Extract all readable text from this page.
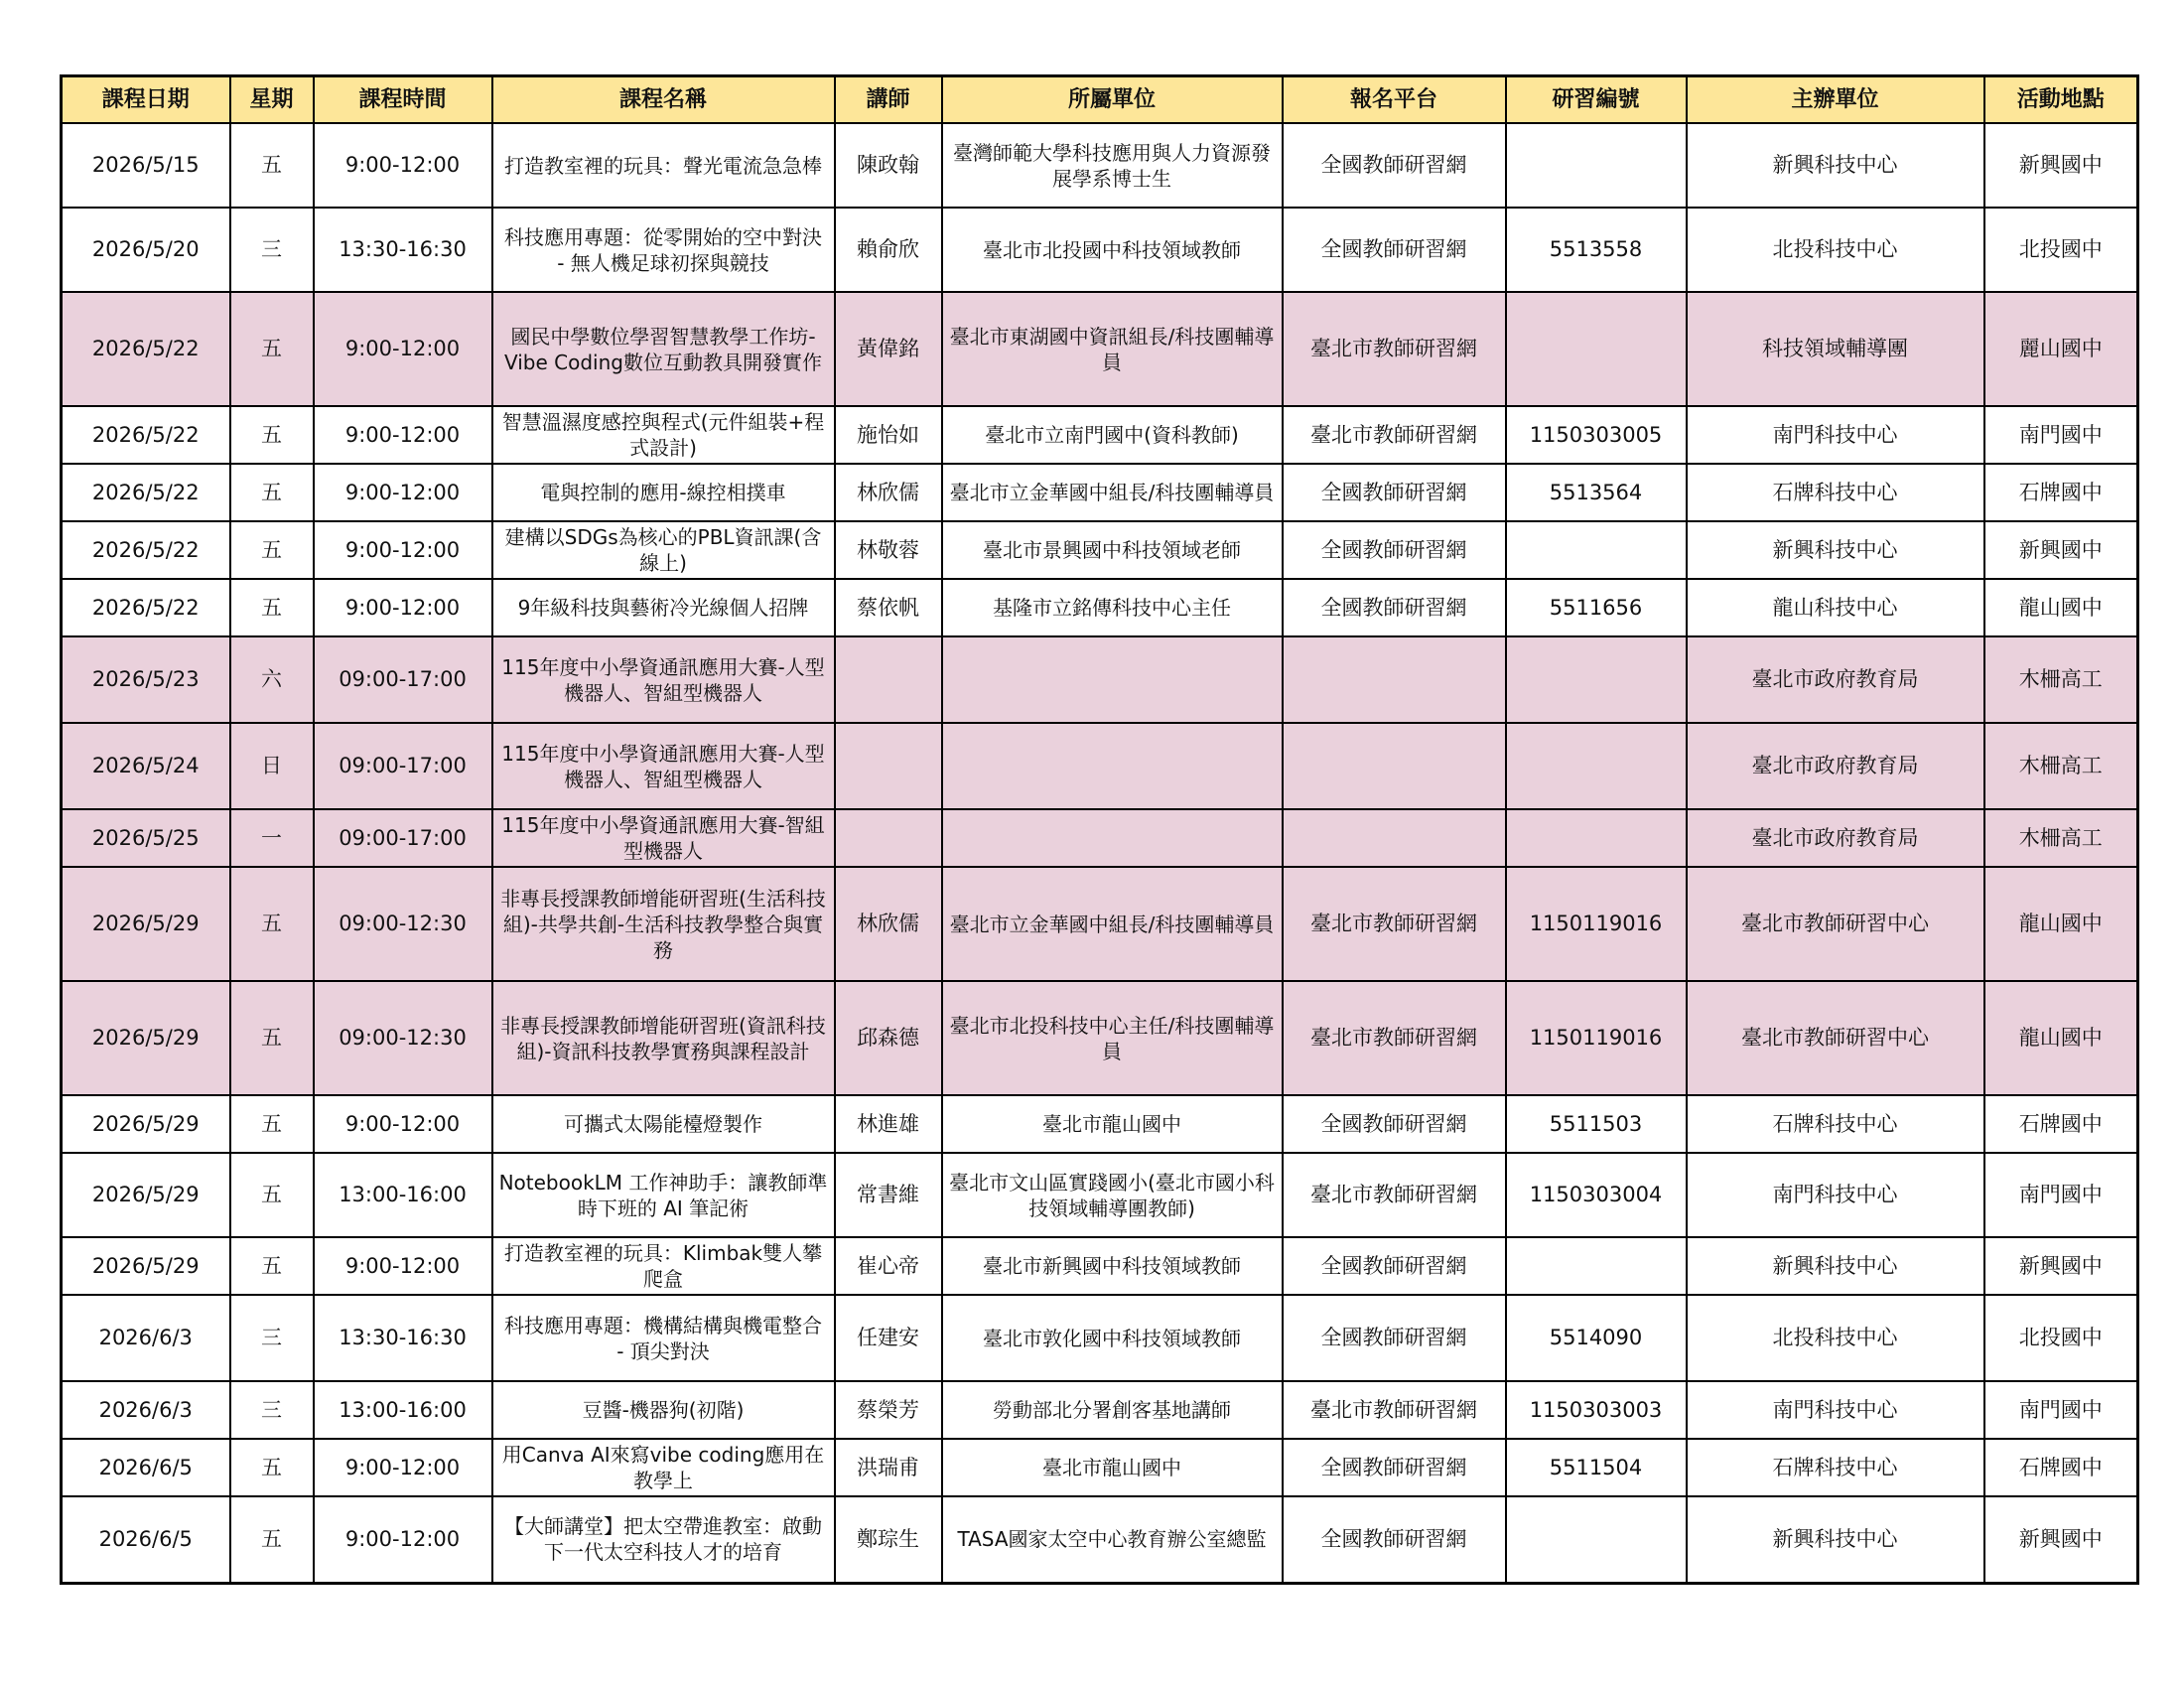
課程日期	星期	課程時間	課程名稱	講師	所屬單位	報名平台	研習編號	主辦單位	活動地點
2026/5/15	五	9:00-12:00	打造教室裡的玩具：聲光電流急急棒	陳政翰	臺灣師範大學科技應用與人力資源發展學系博士生	全國教師研習網		新興科技中心	新興國中
2026/5/20	三	13:30-16:30	科技應用專題：從零開始的空中對決 - 無人機足球初探與競技	賴俞欣	臺北市北投國中科技領域教師	全國教師研習網	5513558	北投科技中心	北投國中
2026/5/22	五	9:00-12:00	國民中學數位學習智慧教學工作坊-Vibe Coding數位互動教具開發實作	黃偉銘	臺北市東湖國中資訊組長/科技團輔導員	臺北市教師研習網		科技領域輔導團	麗山國中
2026/5/22	五	9:00-12:00	智慧溫濕度感控與程式(元件組裝+程式設計)	施怡如	臺北市立南門國中(資科教師)	臺北市教師研習網	1150303005	南門科技中心	南門國中
2026/5/22	五	9:00-12:00	電與控制的應用-線控相撲車	林欣儒	臺北市立金華國中組長/科技團輔導員	全國教師研習網	5513564	石牌科技中心	石牌國中
2026/5/22	五	9:00-12:00	建構以SDGs為核心的PBL資訊課(含線上)	林敬蓉	臺北市景興國中科技領域老師	全國教師研習網		新興科技中心	新興國中
2026/5/22	五	9:00-12:00	9年級科技與藝術冷光線個人招牌	蔡依帆	基隆市立銘傳科技中心主任	全國教師研習網	5511656	龍山科技中心	龍山國中
2026/5/23	六	09:00-17:00	115年度中小學資通訊應用大賽-人型機器人、智組型機器人					臺北市政府教育局	木柵高工
2026/5/24	日	09:00-17:00	115年度中小學資通訊應用大賽-人型機器人、智組型機器人					臺北市政府教育局	木柵高工
2026/5/25	一	09:00-17:00	115年度中小學資通訊應用大賽-智組型機器人					臺北市政府教育局	木柵高工
2026/5/29	五	09:00-12:30	非專長授課教師增能研習班(生活科技組)-共學共創-生活科技教學整合與實務	林欣儒	臺北市立金華國中組長/科技團輔導員	臺北市教師研習網	1150119016	臺北市教師研習中心	龍山國中
2026/5/29	五	09:00-12:30	非專長授課教師增能研習班(資訊科技組)-資訊科技教學實務與課程設計	邱森德	臺北市北投科技中心主任/科技團輔導員	臺北市教師研習網	1150119016	臺北市教師研習中心	龍山國中
2026/5/29	五	9:00-12:00	可攜式太陽能檯燈製作	林進雄	臺北市龍山國中	全國教師研習網	5511503	石牌科技中心	石牌國中
2026/5/29	五	13:00-16:00	NotebookLM 工作神助手：讓教師準時下班的 AI 筆記術	常書維	臺北市文山區實踐國小(臺北市國小科技領域輔導團教師)	臺北市教師研習網	1150303004	南門科技中心	南門國中
2026/5/29	五	9:00-12:00	打造教室裡的玩具：Klimbak雙人攀爬盒	崔心帝	臺北市新興國中科技領域教師	全國教師研習網		新興科技中心	新興國中
2026/6/3	三	13:30-16:30	科技應用專題：機構結構與機電整合 - 頂尖對決	任建安	臺北市敦化國中科技領域教師	全國教師研習網	5514090	北投科技中心	北投國中
2026/6/3	三	13:00-16:00	豆醬-機器狗(初階)	蔡榮芳	勞動部北分署創客基地講師	臺北市教師研習網	1150303003	南門科技中心	南門國中
2026/6/5	五	9:00-12:00	用Canva AI來寫vibe coding應用在教學上	洪瑞甫	臺北市龍山國中	全國教師研習網	5511504	石牌科技中心	石牌國中
2026/6/5	五	9:00-12:00	【大師講堂】把太空帶進教室：啟動下一代太空科技人才的培育	鄭琮生	TASA國家太空中心教育辦公室總監	全國教師研習網		新興科技中心	新興國中
